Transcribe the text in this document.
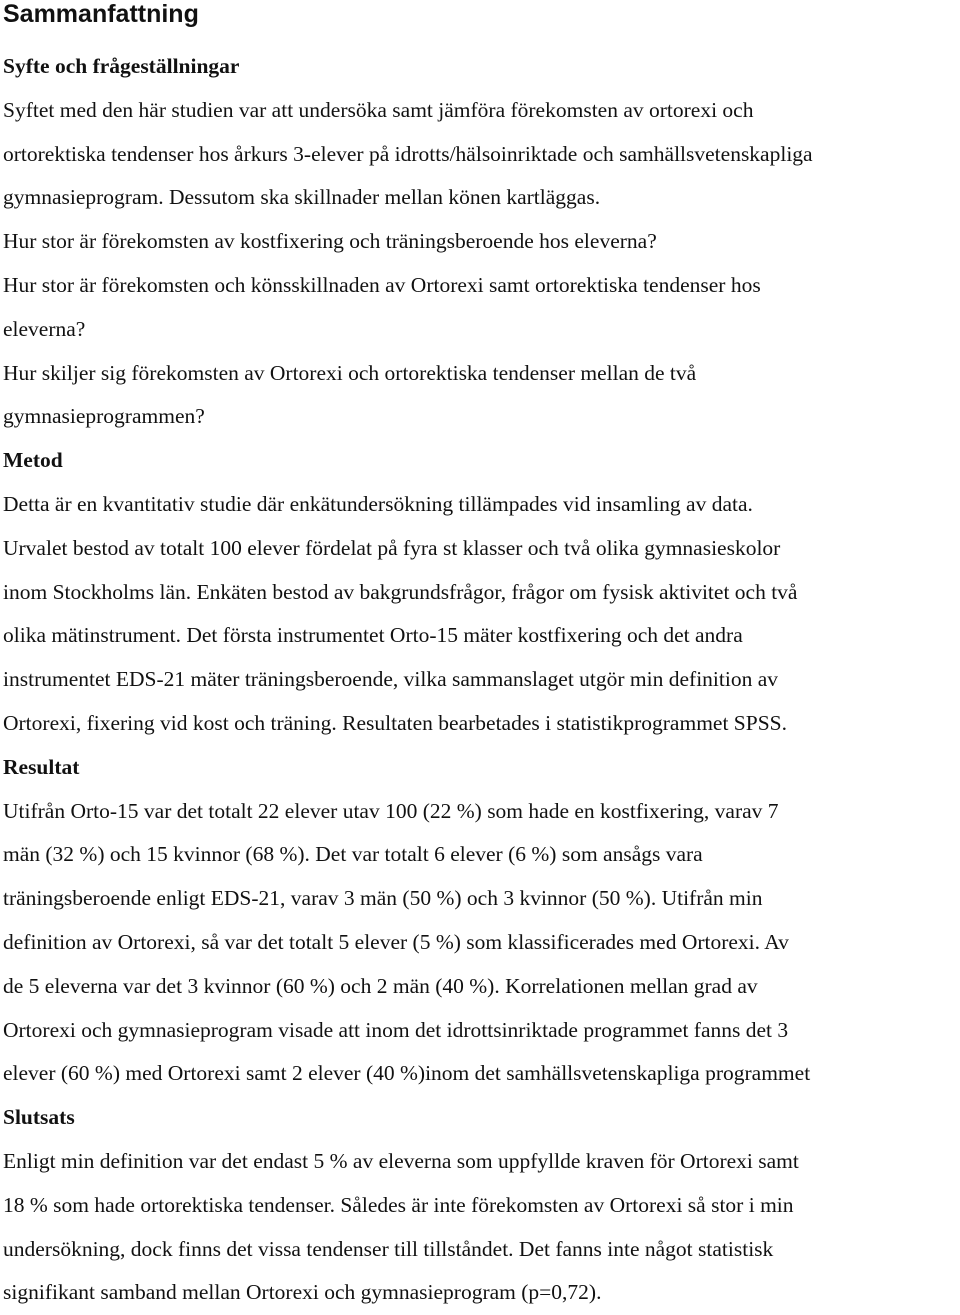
Sammanfattning
Syfte och frågeställningar
Syftet med den här studien var att undersöka samt jämföra förekomsten av ortorexi och
ortorektiska tendenser hos årkurs 3-elever på idrotts/hälsoinriktade och samhällsvetenskapliga
gymnasieprogram. Dessutom ska skillnader mellan könen kartläggas.
Hur stor är förekomsten av kostfixering och träningsberoende hos eleverna?
Hur stor är förekomsten och könsskillnaden av Ortorexi samt ortorektiska tendenser hos
eleverna?
Hur skiljer sig förekomsten av Ortorexi och ortorektiska tendenser mellan de två
gymnasieprogrammen?
Metod
Detta är en kvantitativ studie där enkätundersökning tillämpades vid insamling av data.
Urvalet bestod av totalt 100 elever fördelat på fyra st klasser och två olika gymnasieskolor
inom Stockholms län. Enkäten bestod av bakgrundsfrågor, frågor om fysisk aktivitet och två
olika mätinstrument. Det första instrumentet Orto-15 mäter kostfixering och det andra
instrumentet EDS-21 mäter träningsberoende, vilka sammanslaget utgör min definition av
Ortorexi, fixering vid kost och träning. Resultaten bearbetades i statistikprogrammet SPSS.
Resultat
Utifrån Orto-15 var det totalt 22 elever utav 100 (22 %) som hade en kostfixering, varav 7
män (32 %) och 15 kvinnor (68 %). Det var totalt 6 elever (6 %) som ansågs vara
träningsberoende enligt EDS-21, varav 3 män (50 %) och 3 kvinnor (50 %). Utifrån min
definition av Ortorexi, så var det totalt 5 elever (5 %) som klassificerades med Ortorexi. Av
de 5 eleverna var det 3 kvinnor (60 %) och 2 män (40 %). Korrelationen mellan grad av
Ortorexi och gymnasieprogram visade att inom det idrottsinriktade programmet fanns det 3
elever (60 %) med Ortorexi samt 2 elever (40 %)inom det samhällsvetenskapliga programmet
Slutsats
Enligt min definition var det endast 5 % av eleverna som uppfyllde kraven för Ortorexi samt
18 % som hade ortorektiska tendenser. Således är inte förekomsten av Ortorexi så stor i min
undersökning, dock finns det vissa tendenser till tillståndet. Det fanns inte något statistisk
signifikant samband mellan Ortorexi och gymnasieprogram (p=0,72).
